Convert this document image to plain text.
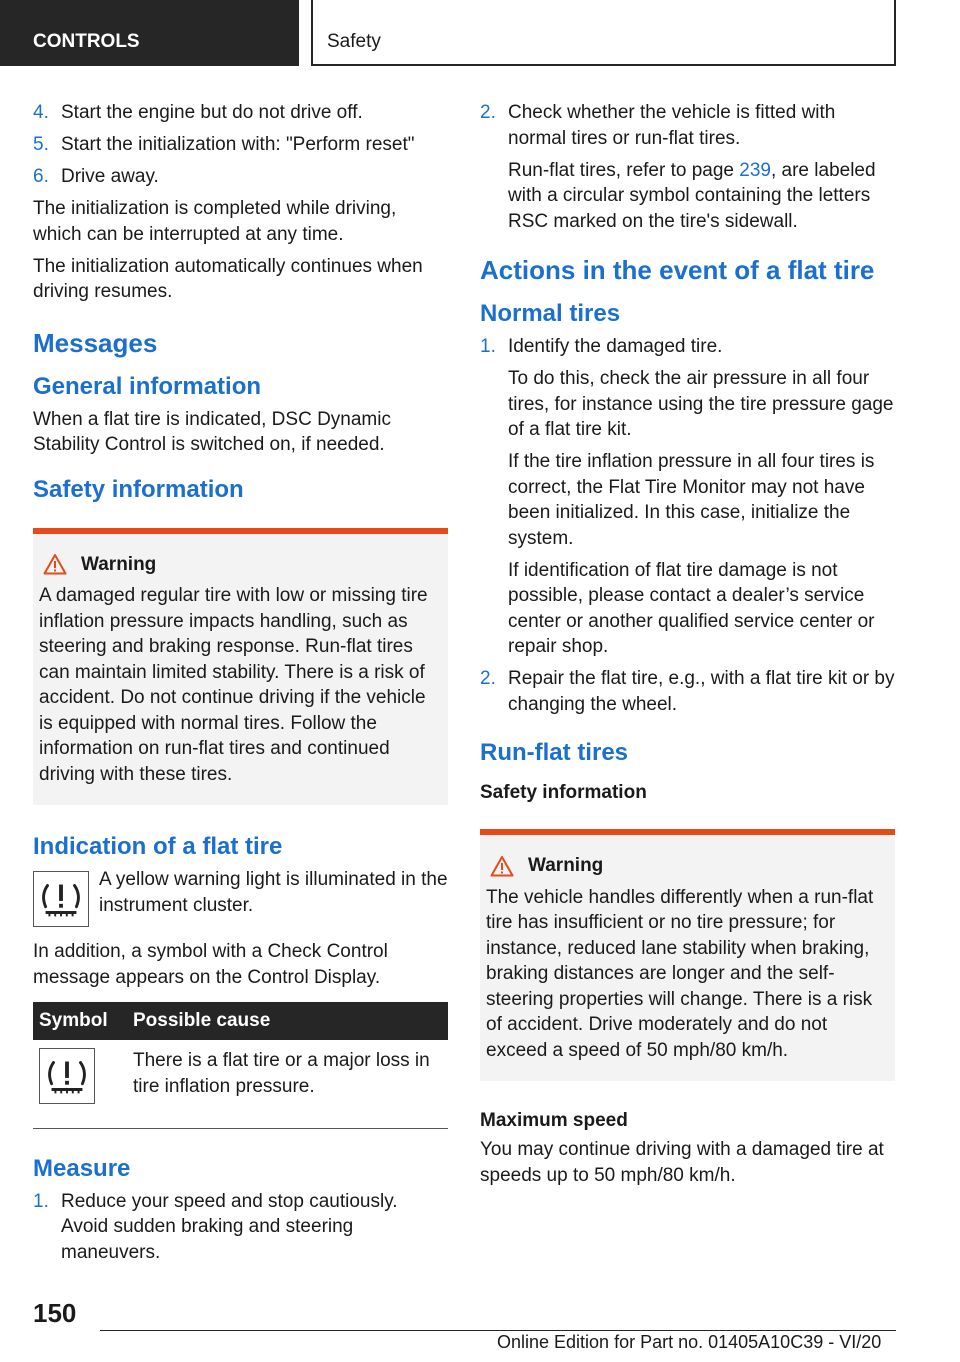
CONTROLS	Safety
4. Start the engine but do not drive off.
5. Start the initialization with: "Perform reset"
6. Drive away.

The initialization is completed while driving, which can be interrupted at any time.

The initialization automatically continues when driving resumes.

Messages
General information

When a flat tire is indicated, DSC Dynamic Stability Control is switched on, if needed.

Safety information
Warning

A damaged regular tire with low or missing tire inflation pressure impacts handling, such as steering and braking response. Run-flat tires can maintain limited stability. There is a risk of accident. Do not continue driving if the vehicle is equipped with normal tires. Follow the information on run-flat tires and continued driving with these tires.

Indication of a flat tire
A yellow warning light is illuminated in the instrument cluster.

In addition, a symbol with a Check Control message appears on the Control Display.

Symbol	Possible cause
	There is a flat tire or a major loss in tire inflation pressure.
Measure
1. Reduce your speed and stop cautiously. Avoid sudden braking and steering maneuvers.
2. Check whether the vehicle is fitted with normal tires or run-flat tires.

Run-flat tires, refer to page 239, are labeled with a circular symbol containing the letters RSC marked on the tire's sidewall.

Actions in the event of a flat tire
Normal tires
1. Identify the damaged tire.

To do this, check the air pressure in all four tires, for instance using the tire pressure gage of a flat tire kit.

If the tire inflation pressure in all four tires is correct, the Flat Tire Monitor may not have been initialized. In this case, initialize the system.

If identification of flat tire damage is not possible, please contact a dealer’s service center or another qualified service center or repair shop.

2. Repair the flat tire, e.g., with a flat tire kit or by changing the wheel.
Run-flat tires
Safety information
Warning

The vehicle handles differently when a run-flat tire has insufficient or no tire pressure; for instance, reduced lane stability when braking, braking distances are longer and the self-steering properties will change. There is a risk of accident. Drive moderately and do not exceed a speed of 50 mph/80 km/h.

Maximum speed

You may continue driving with a damaged tire at speeds up to 50 mph/80 km/h.

150
Online Edition for Part no. 01405A10C39 - VI/20
